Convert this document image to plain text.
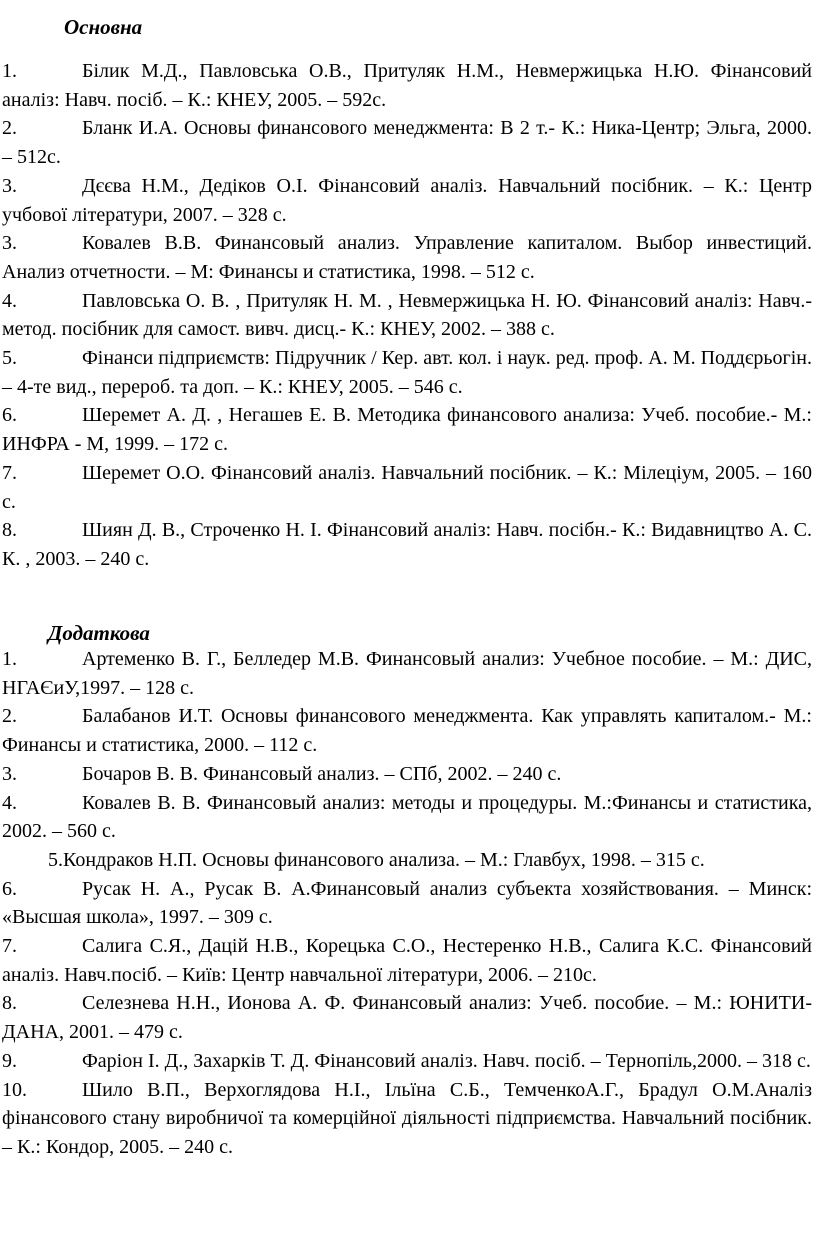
Основна

1.	Білик М.Д., Павловська О.В., Притуляк Н.М., Невмержицька Н.Ю. Фінансовий аналіз: Навч. посіб. – К.: КНЕУ, 2005. – 592с.

2.	Бланк И.А. Основы финансового менеджмента: В 2 т.- К.: Ника-Центр; Эльга, 2000. – 512с.

3.	Дєєва Н.М., Дедіков О.І. Фінансовий аналіз. Навчальний посібник. – К.: Центр учбової літератури, 2007. – 328 с.

3.	Ковалев В.В. Финансовый анализ. Управление капиталом. Выбор инвестиций. Анализ отчетности. – М: Финансы и статистика, 1998. – 512 с.

4.	Павловська О. В. , Притуляк Н. М. , Невмержицька Н. Ю. Фінансовий аналіз: Навч.-метод. посібник для самост. вивч. дисц.- К.: КНЕУ, 2002. – 388 с.

5.	Фінанси підприємств: Підручник / Кер. авт. кол. і наук. ред. проф. А. М. Поддєрьогін. – 4-те вид., перероб. та доп. – К.: КНЕУ, 2005. – 546 с.

6.	Шеремет А. Д. , Негашев Е. В. Методика финансового анализа: Учеб. пособие.- М.: ИНФРА - М, 1999. – 172 с.

7.	Шеремет О.О. Фінансовий аналіз. Навчальний посібник. – К.: Мілеціум, 2005. – 160 с.

8.	Шиян Д. В., Строченко Н. І. Фінансовий аналіз: Навч. посібн.- К.: Видавництво А. С. К. , 2003. – 240 с.

Додаткова

1.	Артеменко В. Г., Белледер М.В. Финансовый анализ: Учебное пособие. – М.: ДИС, НГАЄиУ,1997. – 128 с.

2.	Балабанов И.Т. Основы финансового менеджмента. Как управлять капиталом.- М.: Финансы и статистика, 2000. – 112 с.

3.	Бочаров В. В. Финансовый анализ. – СПб, 2002. – 240 с.

4.	Ковалев В. В. Финансовый анализ: методы и процедуры. М.:Финансы и статистика, 2002. – 560 с.

5.Кондраков Н.П. Основы финансового анализа. – М.: Главбух, 1998. – 315 с.

6.	Русак Н. А., Русак В. А.Финансовый анализ субъекта хозяйствования. – Минск: «Высшая школа», 1997. – 309 с.

7.	Салига С.Я., Дацій Н.В., Корецька С.О., Нестеренко Н.В., Салига К.С. Фінансовий аналіз. Навч.посіб. – Київ: Центр навчальної літератури, 2006. – 210с.

8.	Селезнева Н.Н., Ионова А. Ф. Финансовый анализ: Учеб. пособие. – М.: ЮНИТИ-ДАНА, 2001. – 479 с.

9.	Фаріон І. Д., Захарків Т. Д. Фінансовий аналіз. Навч. посіб. – Тернопіль,2000. – 318 с.

10.	Шило В.П., Верхоглядова Н.І., Ільїна С.Б., ТемченкоА.Г., Брадул О.М.Аналіз фінансового стану виробничої та комерційної діяльності підприємства. Навчальний посібник. – К.: Кондор, 2005. – 240 с.
